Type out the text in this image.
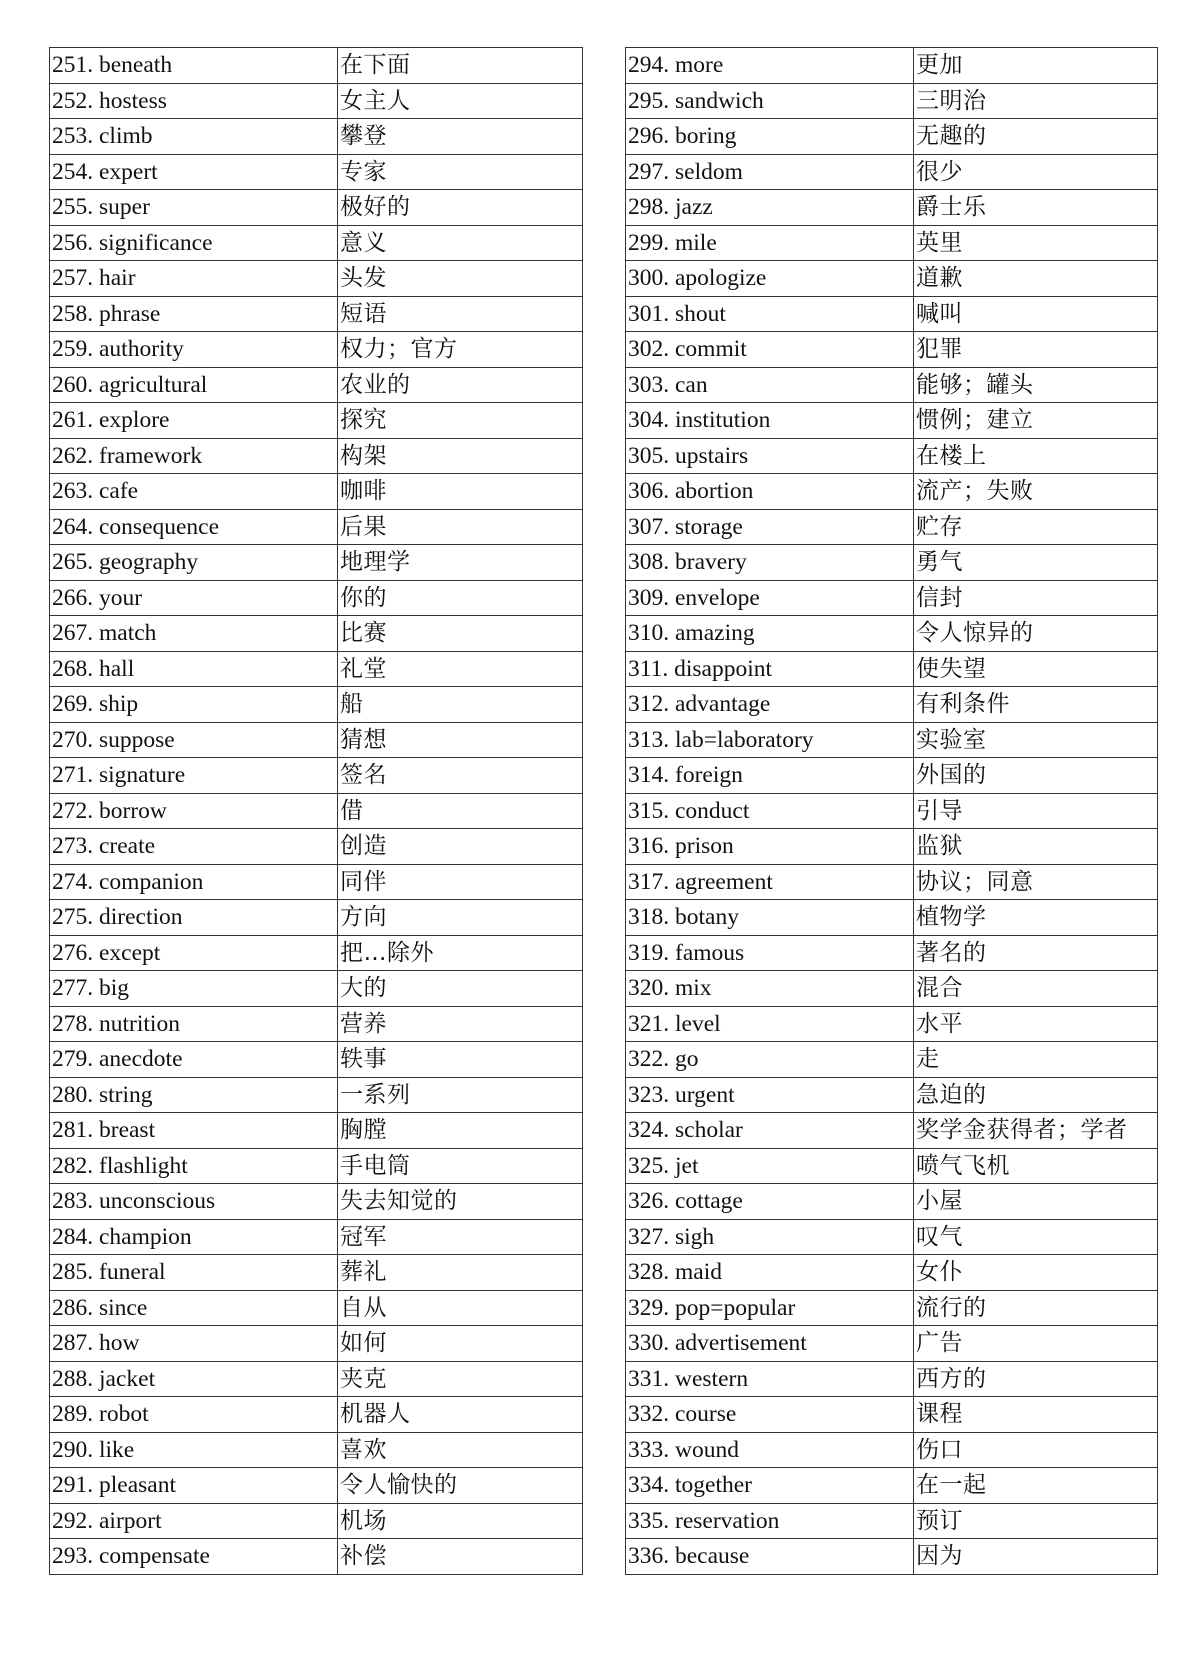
251. beneath	在下面
252. hostess	女主人
253. climb	攀登
254. expert	专家
255. super	极好的
256. significance	意义
257. hair	头发
258. phrase	短语
259. authority	权力；官方
260. agricultural	农业的
261. explore	探究
262. framework	构架
263. cafe	咖啡
264. consequence	后果
265. geography	地理学
266. your	你的
267. match	比赛
268. hall	礼堂
269. ship	船
270. suppose	猜想
271. signature	签名
272. borrow	借
273. create	创造
274. companion	同伴
275. direction	方向
276. except	把…除外
277. big	大的
278. nutrition	营养
279. anecdote	轶事
280. string	一系列
281. breast	胸膛
282. flashlight	手电筒
283. unconscious	失去知觉的
284. champion	冠军
285. funeral	葬礼
286. since	自从
287. how	如何
288. jacket	夹克
289. robot	机器人
290. like	喜欢
291. pleasant	令人愉快的
292. airport	机场
293. compensate	补偿
294. more	更加
295. sandwich	三明治
296. boring	无趣的
297. seldom	很少
298. jazz	爵士乐
299. mile	英里
300. apologize	道歉
301. shout	喊叫
302. commit	犯罪
303. can	能够；罐头
304. institution	惯例；建立
305. upstairs	在楼上
306. abortion	流产；失败
307. storage	贮存
308. bravery	勇气
309. envelope	信封
310. amazing	令人惊异的
311. disappoint	使失望
312. advantage	有利条件
313. lab=laboratory	实验室
314. foreign	外国的
315. conduct	引导
316. prison	监狱
317. agreement	协议；同意
318. botany	植物学
319. famous	著名的
320. mix	混合
321. level	水平
322. go	走
323. urgent	急迫的
324. scholar	奖学金获得者；学者
325. jet	喷气飞机
326. cottage	小屋
327. sigh	叹气
328. maid	女仆
329. pop=popular	流行的
330. advertisement	广告
331. western	西方的
332. course	课程
333. wound	伤口
334. together	在一起
335. reservation	预订
336. because	因为
